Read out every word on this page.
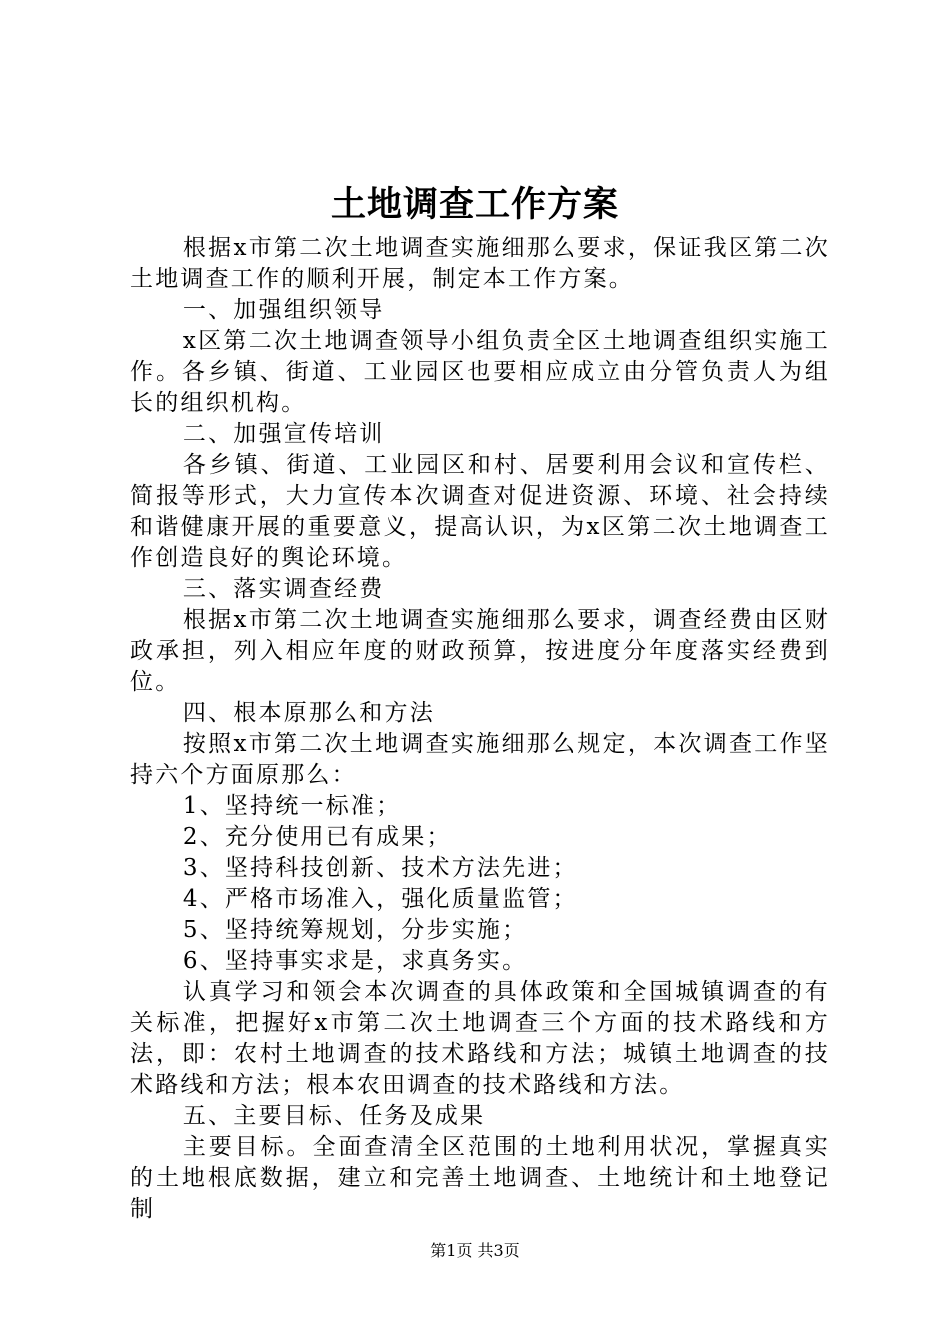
土地调查工作方案

根据x市第二次土地调查实施细那么要求，保证我区第二次土地调查工作的顺利开展，制定本工作方案。

一、加强组织领导

x区第二次土地调查领导小组负责全区土地调查组织实施工作。各乡镇、街道、工业园区也要相应成立由分管负责人为组长的组织机构。

二、加强宣传培训

各乡镇、街道、工业园区和村、居要利用会议和宣传栏、简报等形式，大力宣传本次调查对促进资源、环境、社会持续和谐健康开展的重要意义，提高认识，为x区第二次土地调查工作创造良好的舆论环境。

三、落实调查经费

根据x市第二次土地调查实施细那么要求，调查经费由区财政承担，列入相应年度的财政预算，按进度分年度落实经费到位。

四、根本原那么和方法

按照x市第二次土地调查实施细那么规定，本次调查工作坚持六个方面原那么：

1、坚持统一标准；

2、充分使用已有成果；

3、坚持科技创新、技术方法先进；

4、严格市场准入，强化质量监管；

5、坚持统筹规划，分步实施；

6、坚持事实求是，求真务实。

认真学习和领会本次调查的具体政策和全国城镇调查的有关标准，把握好x市第二次土地调查三个方面的技术路线和方法，即：农村土地调查的技术路线和方法；城镇土地调查的技术路线和方法；根本农田调查的技术路线和方法。

五、主要目标、任务及成果

主要目标。全面查清全区范围的土地利用状况，掌握真实的土地根底数据，建立和完善土地调查、土地统计和土地登记制

第1页 共3页
